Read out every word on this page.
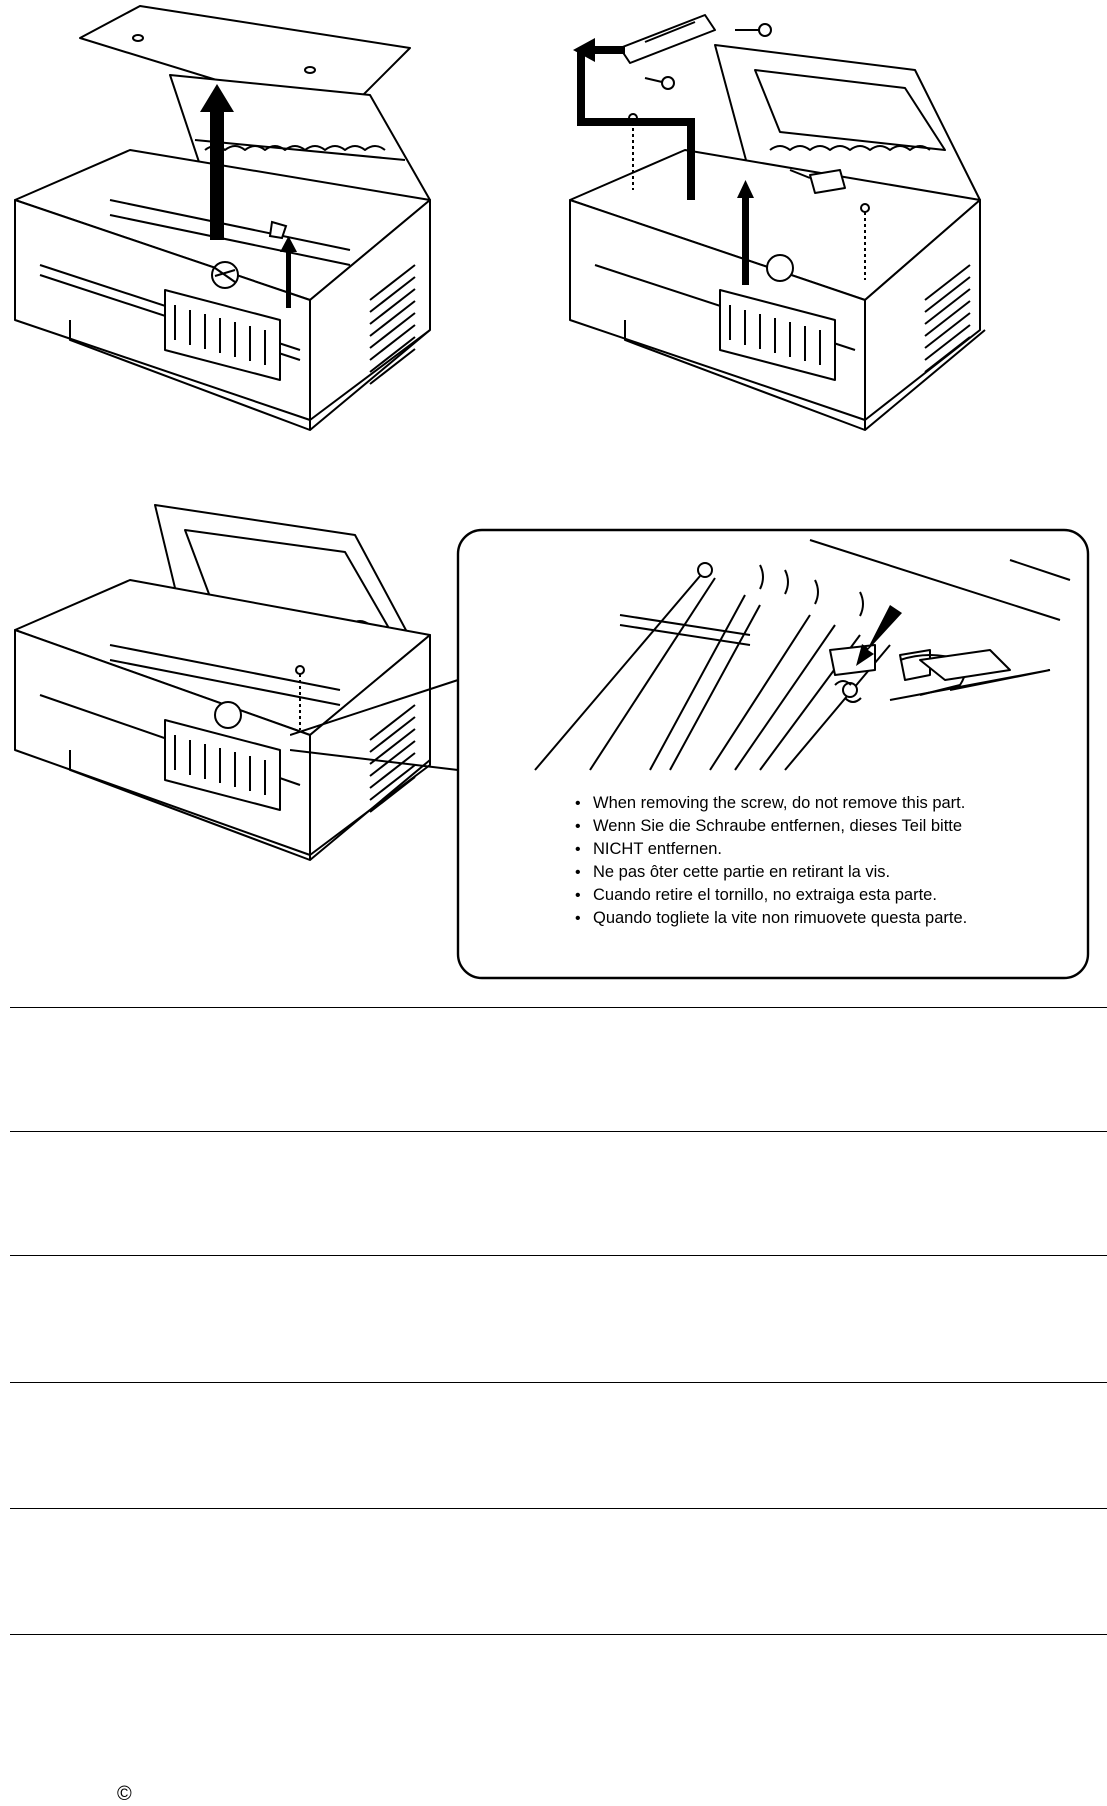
• When removing the screw, do not remove this part.
• Wenn Sie die Schraube entfernen, dieses Teil bitte
• NICHT entfernen.
• Ne pas ôter cette partie en retirant la vis.
• Cuando retire el tornillo, no extraiga esta parte.
• Quando togliete la vite non rimuovete questa parte.
©
